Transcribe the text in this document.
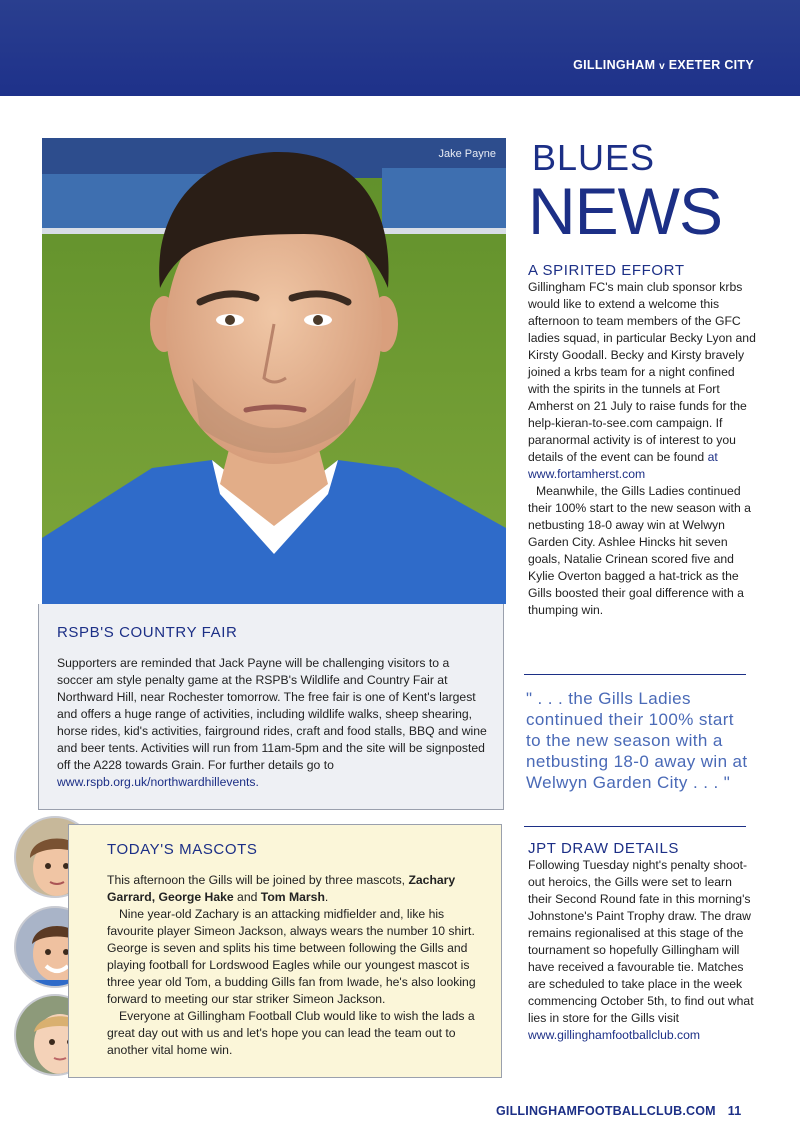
GILLINGHAM v EXETER CITY
Jake Payne
RSPB'S COUNTRY FAIR

Supporters are reminded that Jack Payne will be challenging visitors to a soccer am style penalty game at the RSPB's Wildlife and Country Fair at Northward Hill, near Rochester tomorrow. The free fair is one of Kent's largest and offers a huge range of activities, including wildlife walks, sheep shearing, horse rides, kid's activities, fairground rides, craft and food stalls, BBQ and wine and beer tents. Activities will run from 11am-5pm and the site will be signposted off the A228 towards Grain. For further details go to www.rspb.org.uk/northwardhillevents.

TODAY'S MASCOTS

This afternoon the Gills will be joined by three mascots, Zachary Garrard, George Hake and Tom Marsh.

Nine year-old Zachary is an attacking midfielder and, like his favourite player Simeon Jackson, always wears the number 10 shirt. George is seven and splits his time between following the Gills and playing football for Lordswood Eagles while our youngest mascot is three year old Tom, a budding Gills fan from Iwade, he's also looking forward to meeting our star striker Simeon Jackson.

Everyone at Gillingham Football Club would like to wish the lads a great day out with us and let's hope you can lead the team out to another vital home win.

BLUES
NEWS
A SPIRITED EFFORT

Gillingham FC's main club sponsor krbs would like to extend a welcome this afternoon to team members of the GFC ladies squad, in particular Becky Lyon and Kirsty Goodall. Becky and Kirsty bravely joined a krbs team for a night confined with the spirits in the tunnels at Fort Amherst on 21 July to raise funds for the help-kieran-to-see.com campaign. If paranormal activity is of interest to you details of the event can be found at www.fortamherst.com

Meanwhile, the Gills Ladies continued their 100% start to the new season with a netbusting 18-0 away win at Welwyn Garden City. Ashlee Hincks hit seven goals, Natalie Crinean scored five and Kylie Overton bagged a hat-trick as the Gills boosted their goal difference with a thumping win.

" . . . the Gills Ladies continued their 100% start to the new season with a netbusting 18-0 away win at Welwyn Garden City . . . "
JPT DRAW DETAILS

Following Tuesday night's penalty shoot-out heroics, the Gills were set to learn their Second Round fate in this morning's Johnstone's Paint Trophy draw. The draw remains regionalised at this stage of the tournament so hopefully Gillingham will have received a favourable tie. Matches are scheduled to take place in the week commencing October 5th, to find out what lies in store for the Gills visit www.gillinghamfootballclub.com

GILLINGHAMFOOTBALLCLUB.COM 11
